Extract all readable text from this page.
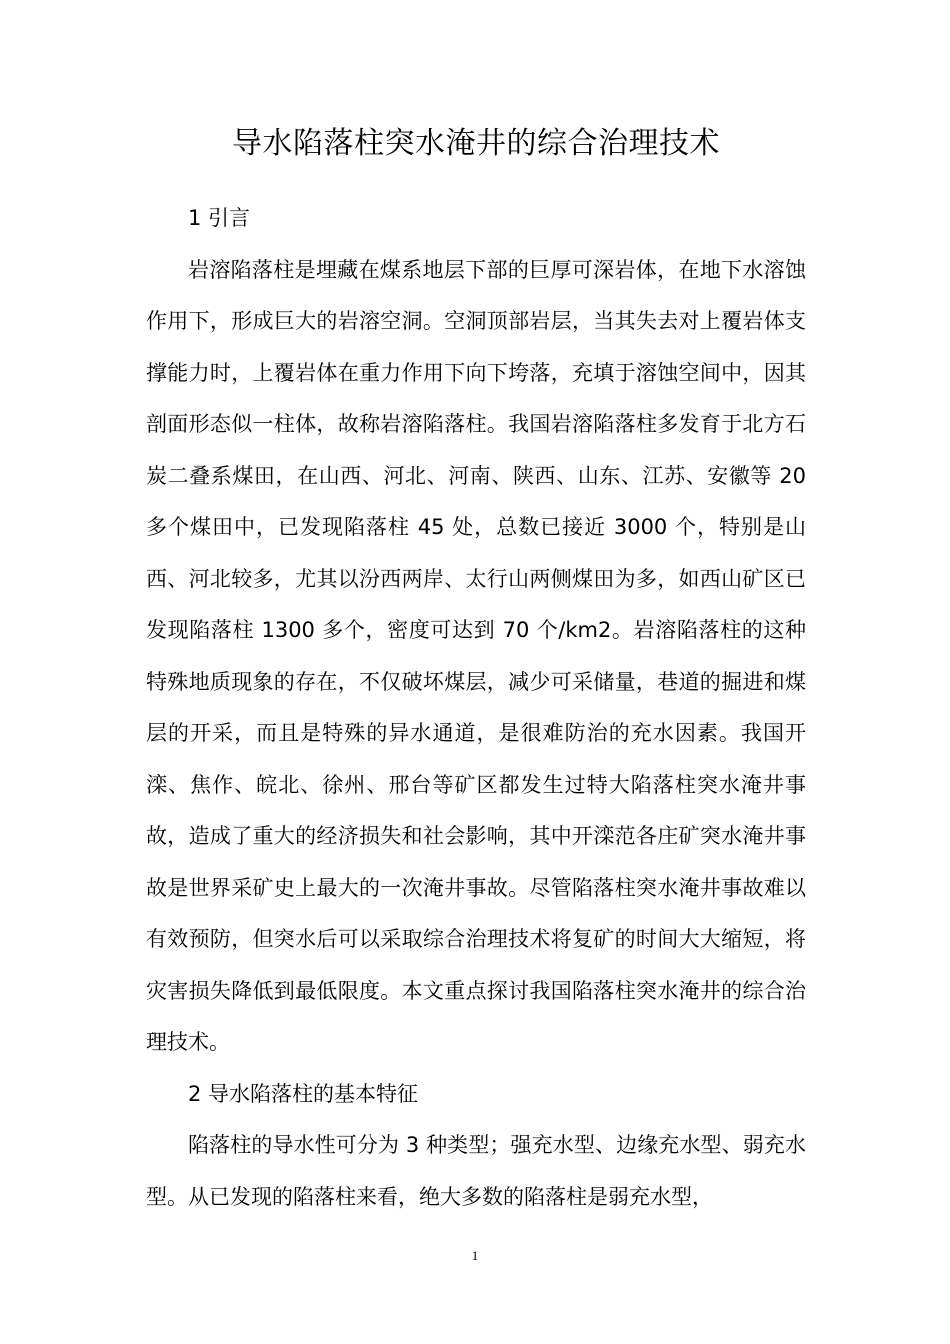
导水陷落柱突水淹井的综合治理技术

1 引言

岩溶陷落柱是埋藏在煤系地层下部的巨厚可深岩体，在地下水溶蚀作用下，形成巨大的岩溶空洞。空洞顶部岩层，当其失去对上覆岩体支撑能力时，上覆岩体在重力作用下向下垮落，充填于溶蚀空间中，因其剖面形态似一柱体，故称岩溶陷落柱。我国岩溶陷落柱多发育于北方石炭二叠系煤田，在山西、河北、河南、陕西、山东、江苏、安徽等 20 多个煤田中，已发现陷落柱 45 处，总数已接近 3000 个，特别是山西、河北较多，尤其以汾西两岸、太行山两侧煤田为多，如西山矿区已发现陷落柱 1300 多个，密度可达到 70 个/km2。岩溶陷落柱的这种特殊地质现象的存在，不仅破坏煤层，减少可采储量，巷道的掘进和煤层的开采，而且是特殊的异水通道，是很难防治的充水因素。我国开滦、焦作、皖北、徐州、邢台等矿区都发生过特大陷落柱突水淹井事故，造成了重大的经济损失和社会影响，其中开滦范各庄矿突水淹井事故是世界采矿史上最大的一次淹井事故。尽管陷落柱突水淹井事故难以有效预防，但突水后可以采取综合治理技术将复矿的时间大大缩短，将灾害损失降低到最低限度。本文重点探讨我国陷落柱突水淹井的综合治理技术。

2 导水陷落柱的基本特征

陷落柱的导水性可分为 3 种类型；强充水型、边缘充水型、弱充水型。从已发现的陷落柱来看，绝大多数的陷落柱是弱充水型，

1
